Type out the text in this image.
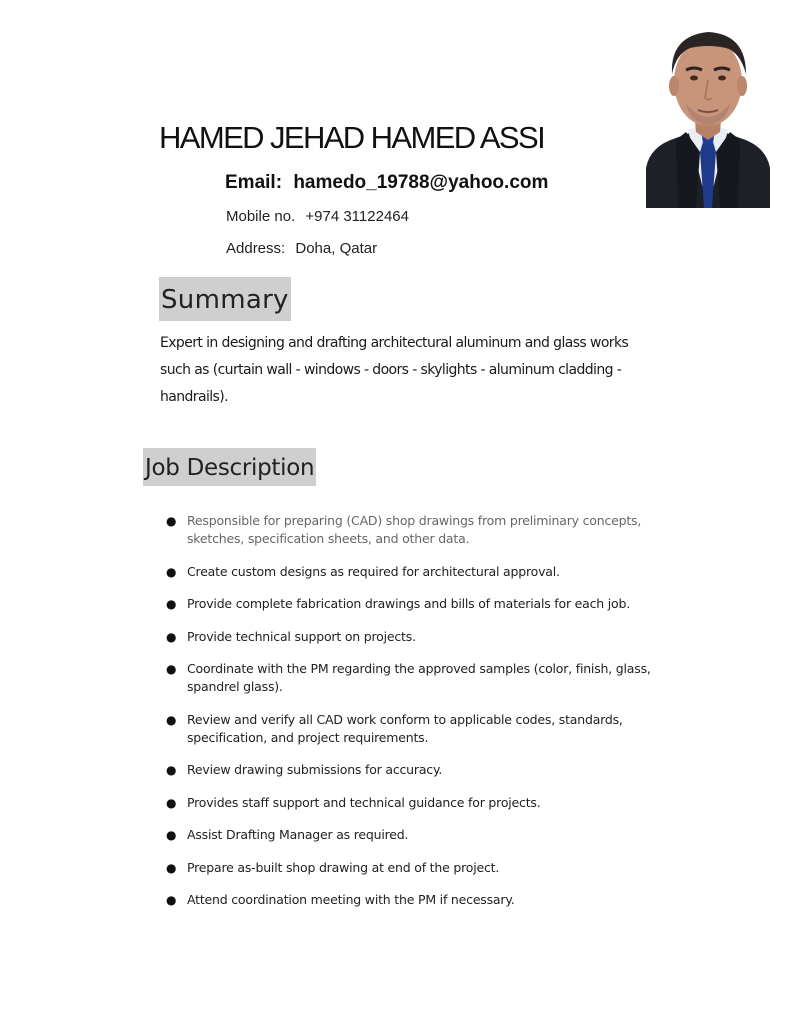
HAMED JEHAD HAMED ASSI
Email: hamedo_19788@yahoo.com
Mobile no. +974 31122464
Address: Doha, Qatar
Summary
Expert in designing and drafting architectural aluminum and glass works such as (curtain wall - windows - doors - skylights - aluminum cladding - handrails).
Job Description
● Responsible for preparing (CAD) shop drawings from preliminary concepts, sketches, specification sheets, and other data.
● Create custom designs as required for architectural approval.
● Provide complete fabrication drawings and bills of materials for each job.
● Provide technical support on projects.
● Coordinate with the PM regarding the approved samples (color, finish, glass, spandrel glass).
● Review and verify all CAD work conform to applicable codes, standards, specification, and project requirements.
● Review drawing submissions for accuracy.
● Provides staff support and technical guidance for projects.
● Assist Drafting Manager as required.
● Prepare as-built shop drawing at end of the project.
● Attend coordination meeting with the PM if necessary.
